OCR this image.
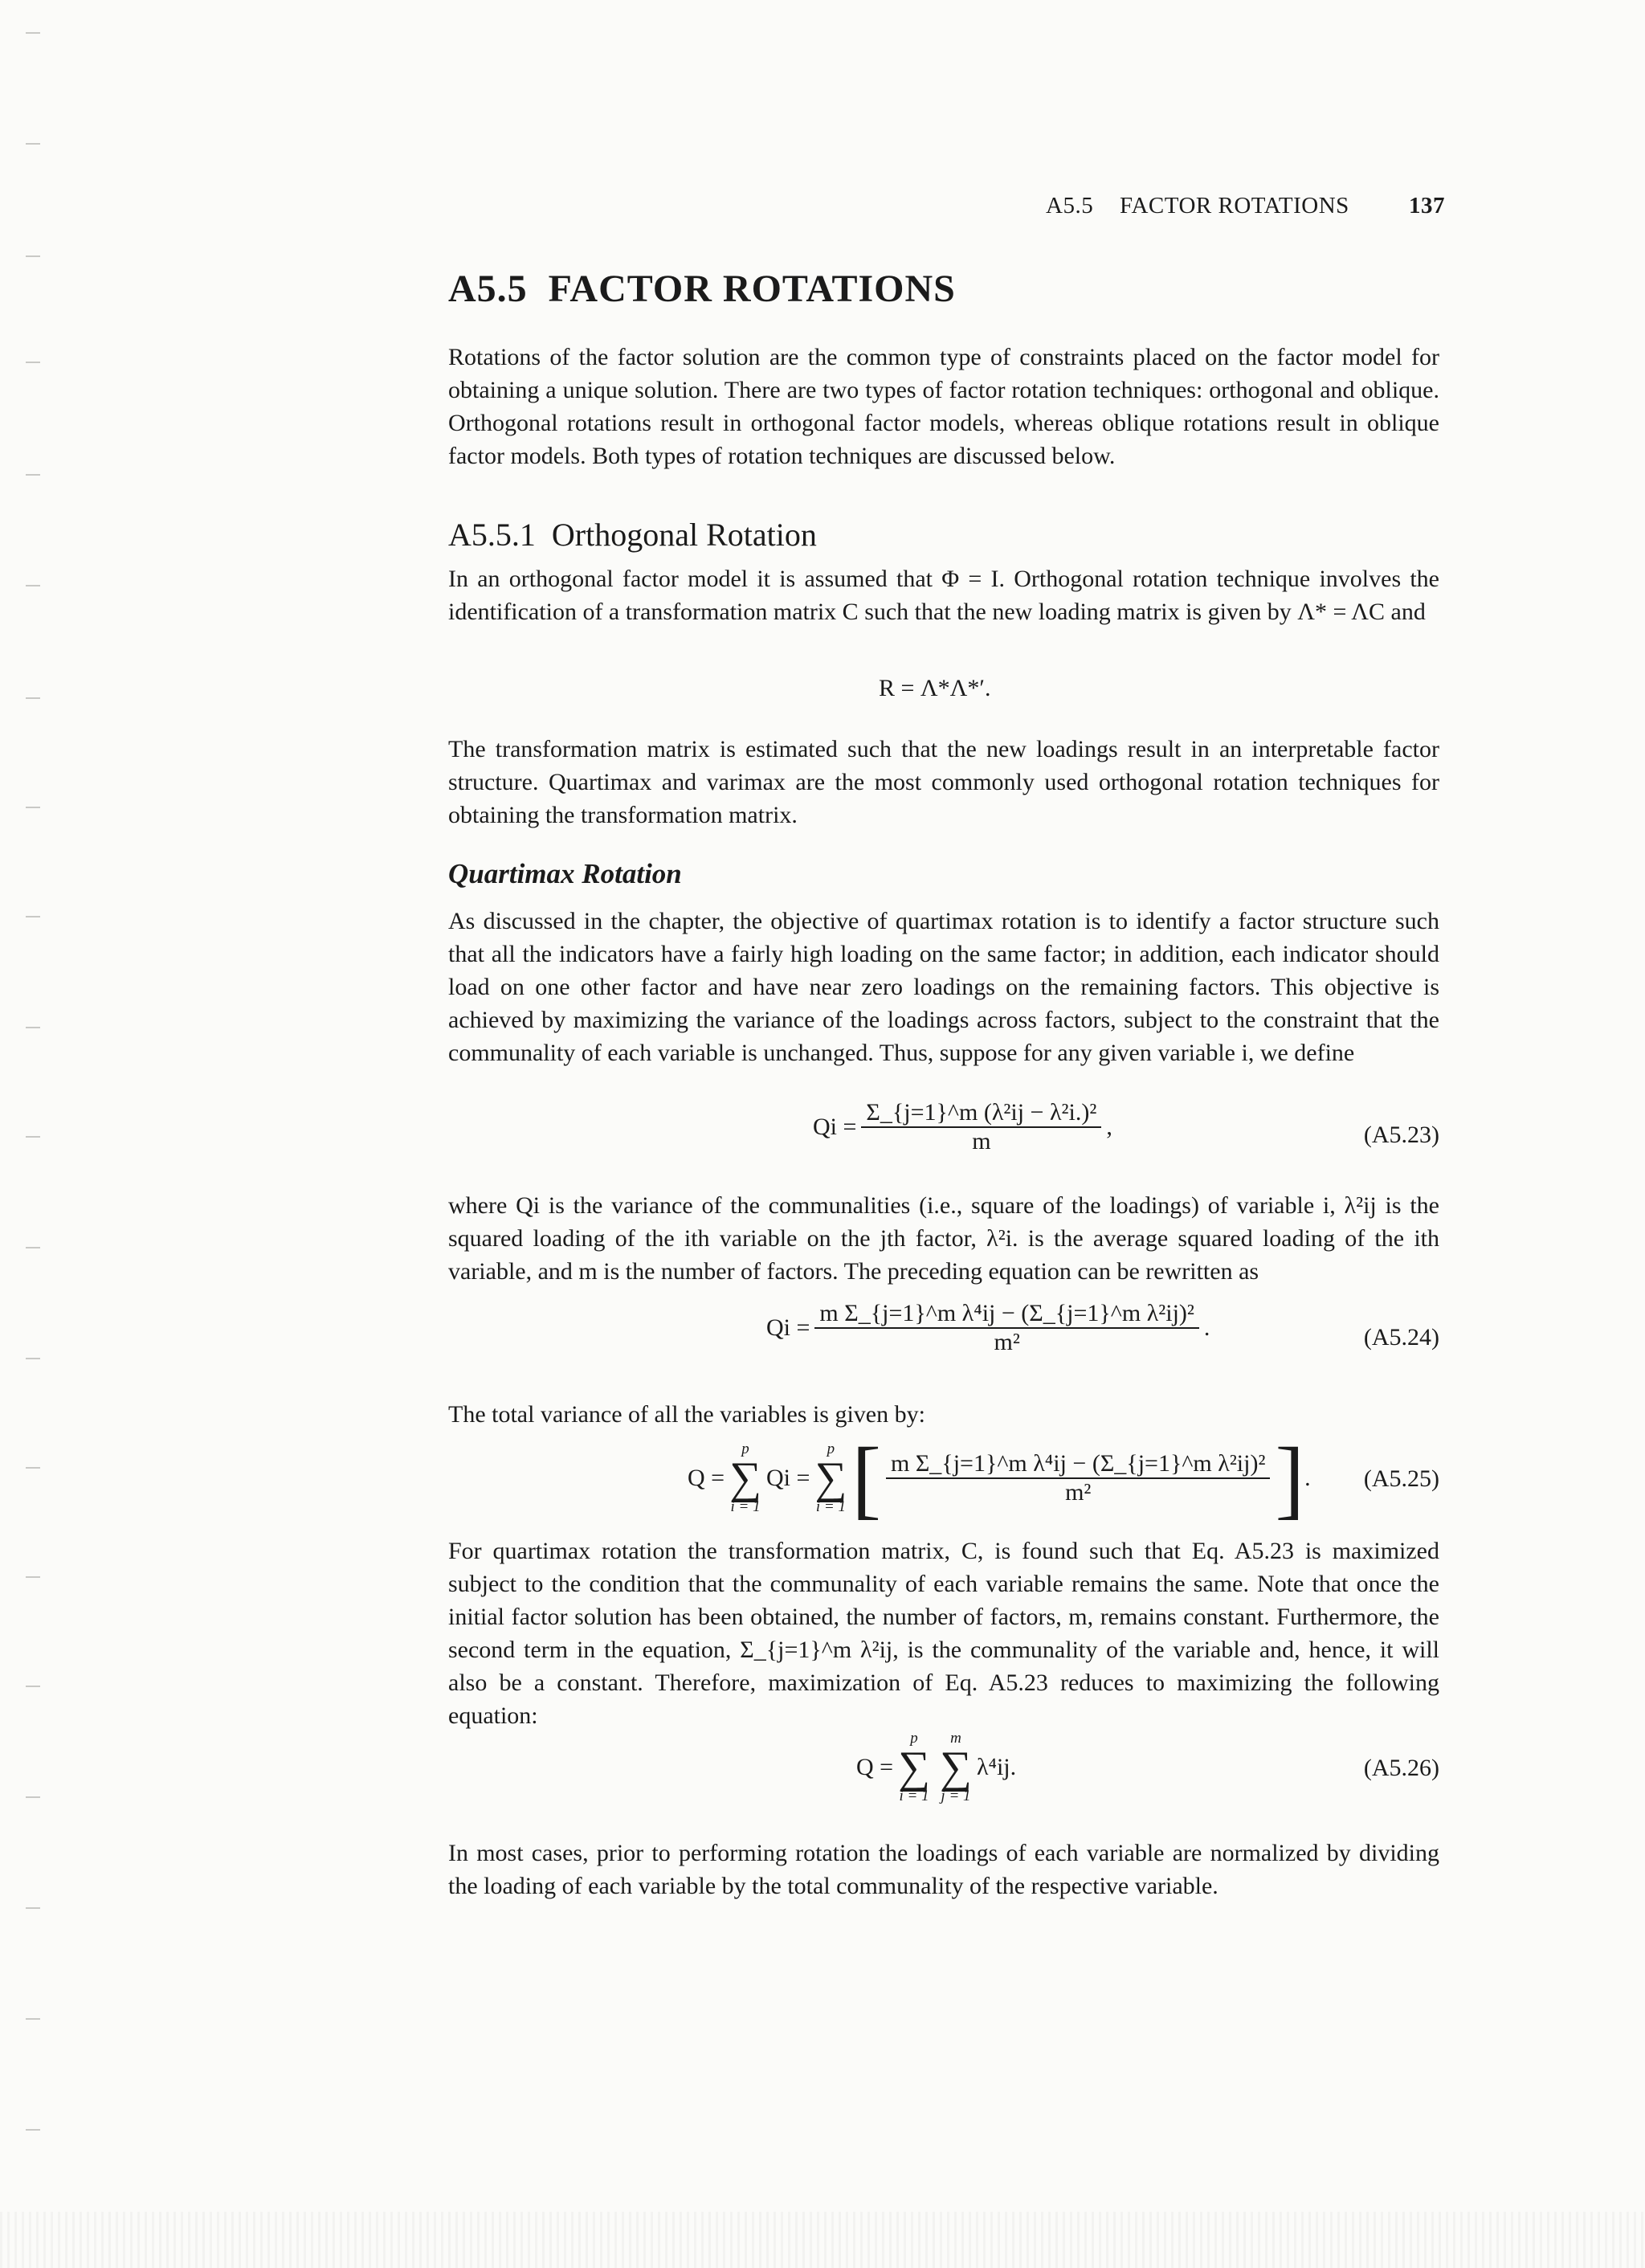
A5.5 FACTOR ROTATIONS	137
A5.5 FACTOR ROTATIONS

Rotations of the factor solution are the common type of constraints placed on the factor model for obtaining a unique solution. There are two types of factor rotation techniques: orthogonal and oblique. Orthogonal rotations result in orthogonal factor models, whereas oblique rotations result in oblique factor models. Both types of rotation techniques are discussed below.

A5.5.1 Orthogonal Rotation

In an orthogonal factor model it is assumed that Φ = I. Orthogonal rotation technique involves the identification of a transformation matrix C such that the new loading matrix is given by Λ* = ΛC and

R = Λ*Λ*′.

The transformation matrix is estimated such that the new loadings result in an interpretable factor structure. Quartimax and varimax are the most commonly used orthogonal rotation techniques for obtaining the transformation matrix.

Quartimax Rotation

As discussed in the chapter, the objective of quartimax rotation is to identify a factor structure such that all the indicators have a fairly high loading on the same factor; in addition, each indicator should load on one other factor and have near zero loadings on the remaining factors. This objective is achieved by maximizing the variance of the loadings across factors, subject to the constraint that the communality of each variable is unchanged. Thus, suppose for any given variable i, we define

$Qi = \frac{\text{Σ\_\{j=1\}\textasciicircum{}m (λ²ij − λ²i.)²}}{m}$ ,	(A5.23)

where Qi is the variance of the communalities (i.e., square of the loadings) of variable i, λ²ij is the squared loading of the ith variable on the jth factor, λ²i. is the average squared loading of the ith variable, and m is the number of factors. The preceding equation can be rewritten as

$Qi = \frac{\text{m Σ\_\{j=1\}\textasciicircum{}m λ⁴ij − (Σ\_\{j=1\}\textasciicircum{}m λ²ij)²}}{\text{m²}}$ .	(A5.24)

The total variance of all the variables is given by:

Q =
p
∑
i = 1
Qi =
p
∑
i = 1 [ $\frac{\text{m Σ\_\{j=1\}\textasciicircum{}m λ⁴ij − (Σ\_\{j=1\}\textasciicircum{}m λ²ij)²}}{\text{m²}}$ ] . (A5.25)

For quartimax rotation the transformation matrix, C, is found such that Eq. A5.23 is maximized subject to the condition that the communality of each variable remains the same. Note that once the initial factor solution has been obtained, the number of factors, m, remains constant. Furthermore, the second term in the equation, Σ_{j=1}^m λ²ij, is the communality of the variable and, hence, it will also be a constant. Therefore, maximization of Eq. A5.23 reduces to maximizing the following equation:

Q =
p
∑
i = 1
m
∑
j = 1
λ⁴ij.	(A5.26)

In most cases, prior to performing rotation the loadings of each variable are normalized by dividing the loading of each variable by the total communality of the respective variable.
